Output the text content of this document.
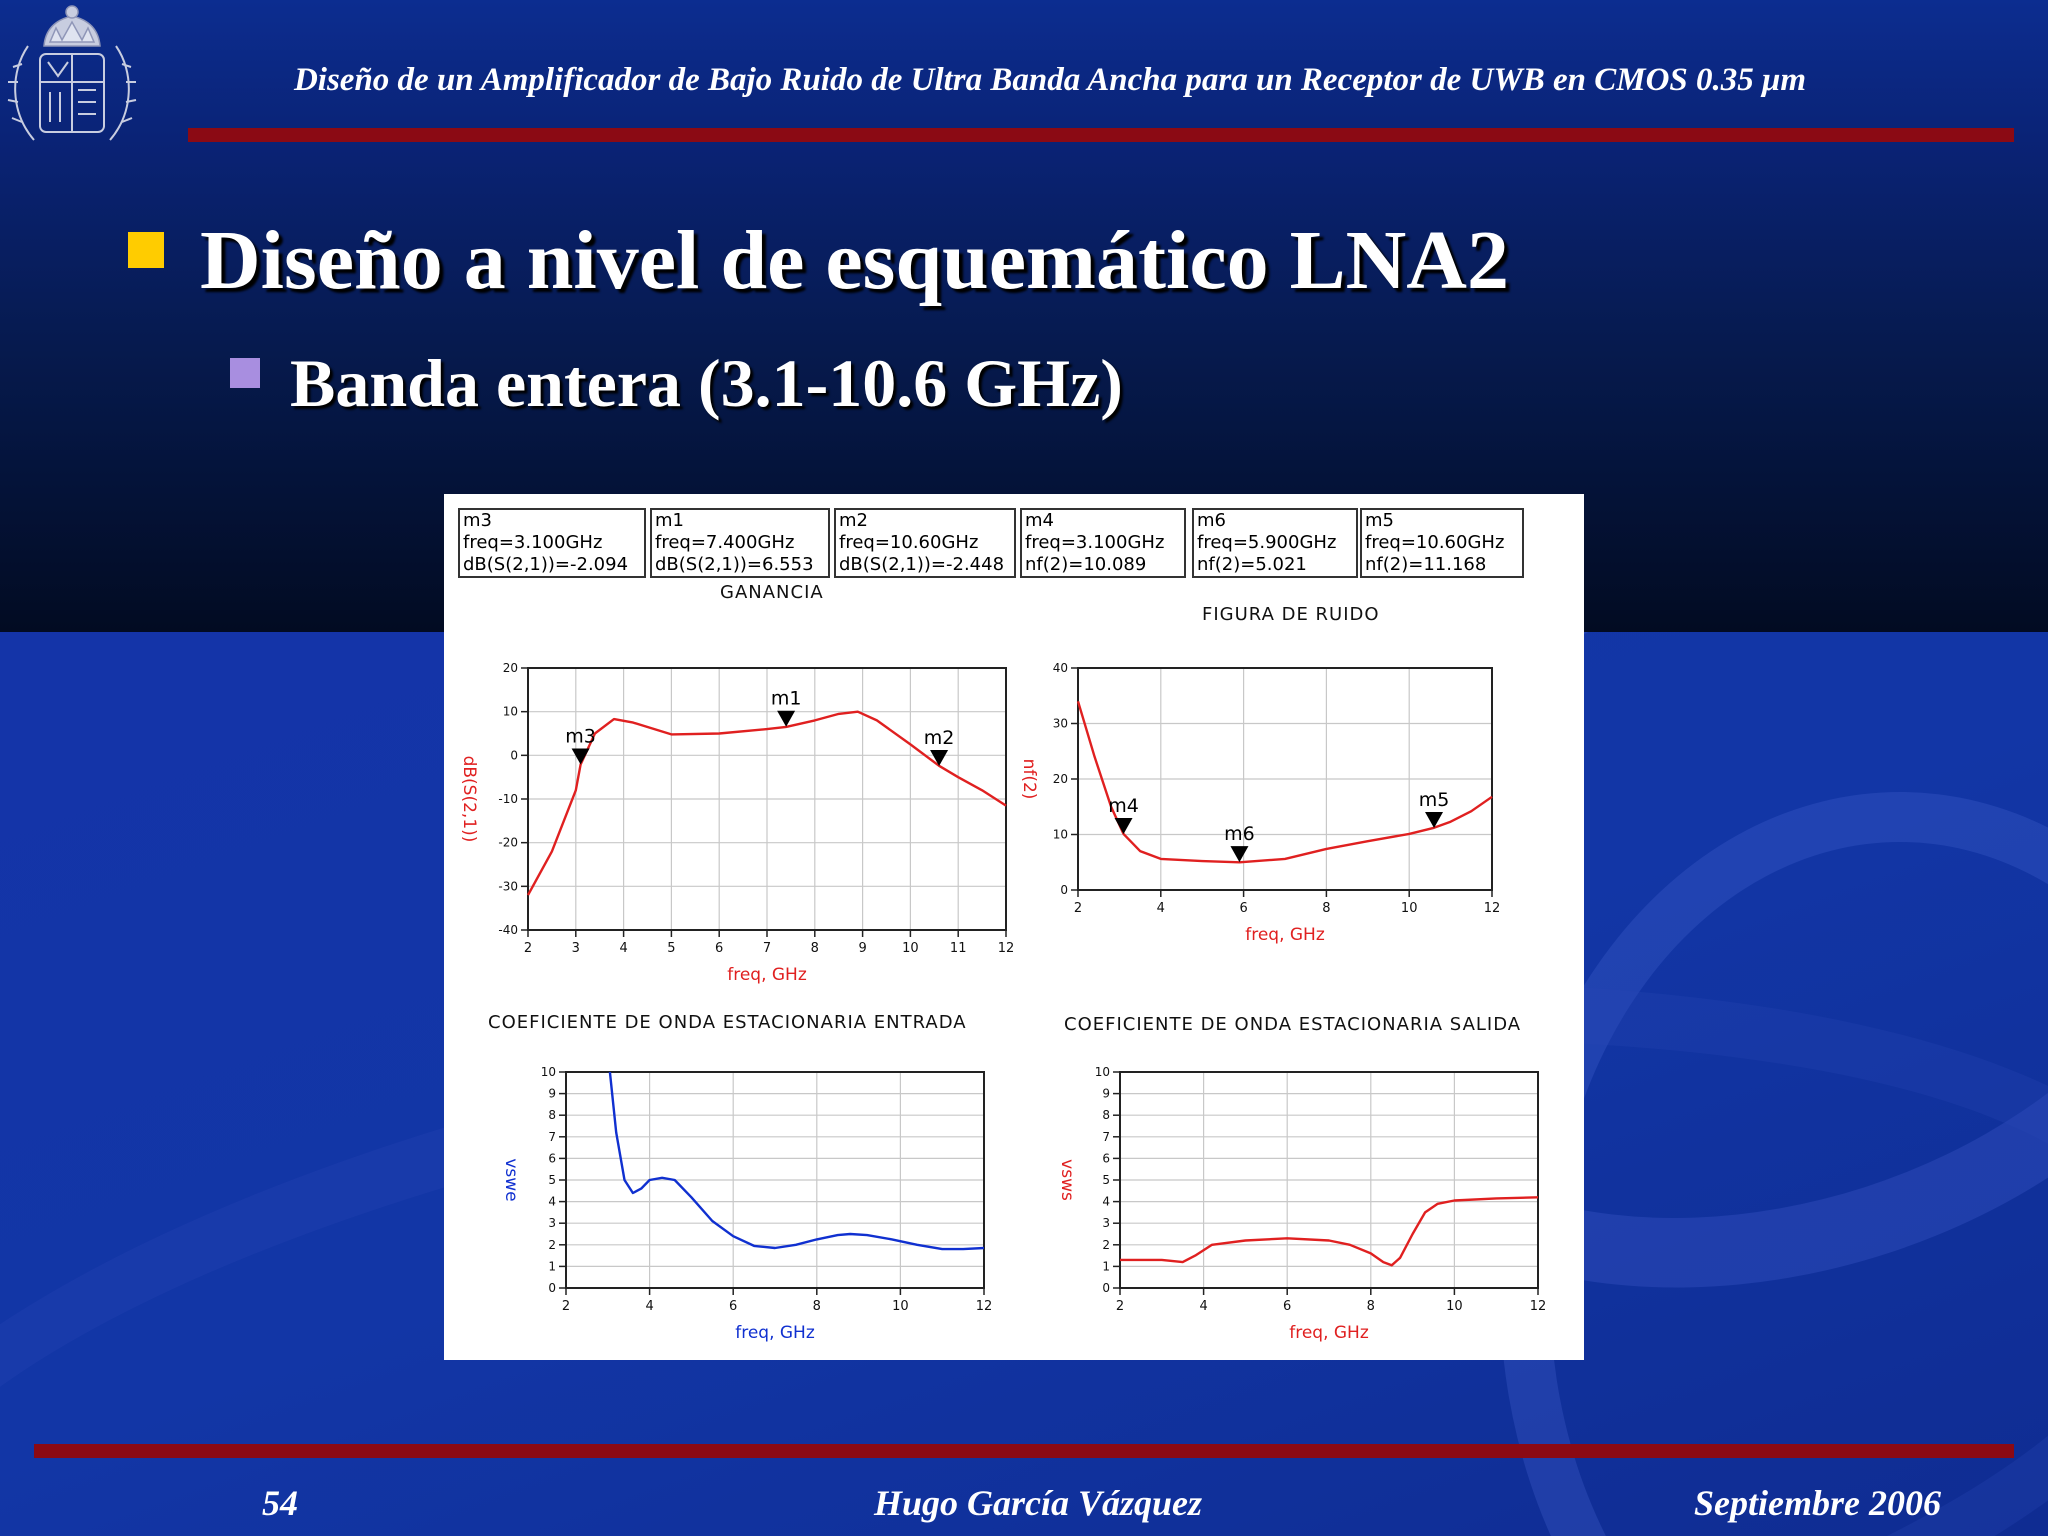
Diseño de un Amplificador de Bajo Ruido de Ultra Banda Ancha para un Receptor de UWB en CMOS 0.35 μm
Diseño a nivel de esquemático LNA2
Banda entera (3.1-10.6 GHz)
m3
freq=3.100GHz
dB(S(2,1))=-2.094
m1
freq=7.400GHz
dB(S(2,1))=6.553
m2
freq=10.60GHz
dB(S(2,1))=-2.448
m4
freq=3.100GHz
nf(2)=10.089
m6
freq=5.900GHz
nf(2)=5.021
m5
freq=10.60GHz
nf(2)=11.168
GANANCIA
FIGURA DE RUIDO
COEFICIENTE DE ONDA ESTACIONARIA ENTRADA	COEFICIENTE DE ONDA ESTACIONARIA SALIDA
2	3	4	5	6	7	8	9	10 11 12
-40
-30
-20
-10
0
10
20
freq, GHz
dB(S(2,1))
m3
m1
m2
2	4	6	8	10	12
0
10
20
30
40
freq, GHz
nf(2)
m4
m6
m5
2	4	6	8	10	12
0
1
2
3
4
5
6
7
8
9
10
freq, GHz
vswe
2	4	6	8	10	12
0
1
2
3
4
5
6
7
8
9
10
freq, GHz
vsws
54	Hugo García Vázquez	Septiembre 2006
